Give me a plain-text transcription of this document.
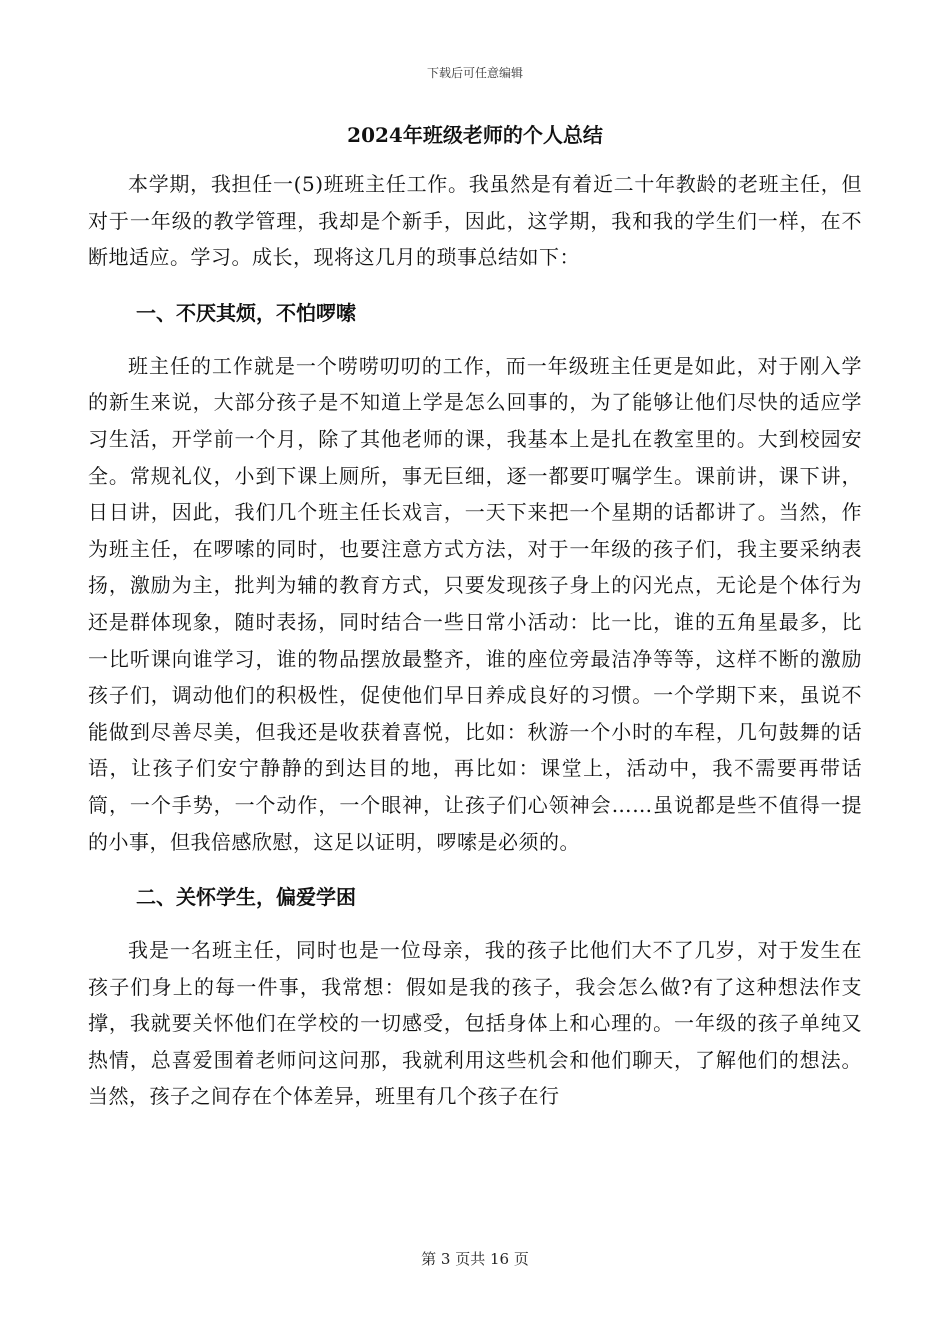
下载后可任意编辑
2024年班级老师的个人总结

本学期，我担任一(5)班班主任工作。我虽然是有着近二十年教龄的老班主任，但对于一年级的教学管理，我却是个新手，因此，这学期，我和我的学生们一样，在不断地适应。学习。成长，现将这几月的琐事总结如下：

一、不厌其烦，不怕啰嗦

班主任的工作就是一个唠唠叨叨的工作，而一年级班主任更是如此，对于刚入学的新生来说，大部分孩子是不知道上学是怎么回事的，为了能够让他们尽快的适应学习生活，开学前一个月，除了其他老师的课，我基本上是扎在教室里的。大到校园安全。常规礼仪，小到下课上厕所，事无巨细，逐一都要叮嘱学生。课前讲，课下讲，日日讲，因此，我们几个班主任长戏言，一天下来把一个星期的话都讲了。当然，作为班主任，在啰嗦的同时，也要注意方式方法，对于一年级的孩子们，我主要采纳表扬，激励为主，批判为辅的教育方式，只要发现孩子身上的闪光点，无论是个体行为还是群体现象，随时表扬，同时结合一些日常小活动：比一比，谁的五角星最多，比一比听课向谁学习，谁的物品摆放最整齐，谁的座位旁最洁净等等，这样不断的激励孩子们，调动他们的积极性，促使他们早日养成良好的习惯。一个学期下来，虽说不能做到尽善尽美，但我还是收获着喜悦，比如：秋游一个小时的车程，几句鼓舞的话语，让孩子们安宁静静的到达目的地，再比如：课堂上，活动中，我不需要再带话筒，一个手势，一个动作，一个眼神，让孩子们心领神会……虽说都是些不值得一提的小事，但我倍感欣慰，这足以证明，啰嗦是必须的。

二、关怀学生，偏爱学困

我是一名班主任，同时也是一位母亲，我的孩子比他们大不了几岁，对于发生在孩子们身上的每一件事，我常想：假如是我的孩子，我会怎么做?有了这种想法作支撑，我就要关怀他们在学校的一切感受，包括身体上和心理的。一年级的孩子单纯又热情，总喜爱围着老师问这问那，我就利用这些机会和他们聊天，了解他们的想法。当然，孩子之间存在个体差异，班里有几个孩子在行

第 3 页共 16 页
